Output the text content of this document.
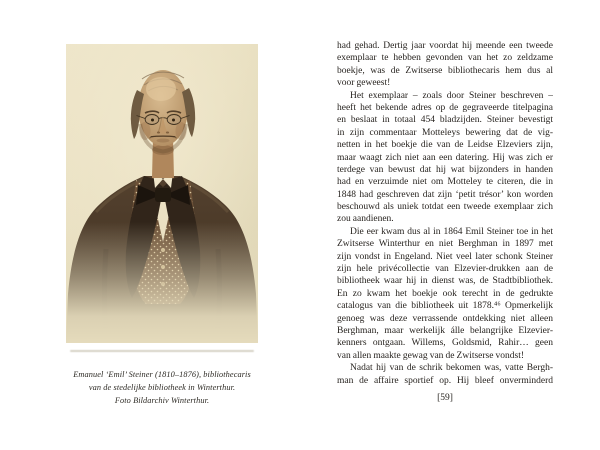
Emanuel ‘Emil’ Steiner (1810–1876), bibliothecaris
van de stedelijke bibliotheek in Winterthur.
Foto Bildarchiv Winterthur.
had gehad. Dertig jaar voordat hij meende een tweede
exemplaar te hebben gevonden van het zo zeldzame
boekje, was de Zwitserse bibliothecaris hem dus al
voor geweest!
Het exemplaar – zoals door Steiner beschreven –
heeft het bekende adres op de gegraveerde titelpagina
en beslaat in totaal 454 bladzijden. Steiner bevestigt
in zijn commentaar Motteleys bewering dat de vig-
netten in het boekje die van de Leidse Elzeviers zijn,
maar waagt zich niet aan een datering. Hij was zich er
terdege van bewust dat hij wat bijzonders in handen
had en verzuimde niet om Motteley te citeren, die in
1848 had geschreven dat zijn ‘petit trésor’ kon worden
beschouwd als uniek totdat een tweede exemplaar zich
zou aandienen.
Die eer kwam dus al in 1864 Emil Steiner toe in het
Zwitserse Winterthur en niet Berghman in 1897 met
zijn vondst in Engeland. Niet veel later schonk Steiner
zijn hele privécollectie van Elzevier-drukken aan de
bibliotheek waar hij in dienst was, de Stadtbibliothek.
En zo kwam het boekje ook terecht in de gedrukte
catalogus van die bibliotheek uit 1878.⁴⁶ Opmerkelijk
genoeg was deze verrassende ontdekking niet alleen
Berghman, maar werkelijk álle belangrijke Elzevier-
kenners ontgaan. Willems, Goldsmid, Rahir… geen
van allen maakte gewag van de Zwitserse vondst!
Nadat hij van de schrik bekomen was, vatte Bergh-
man de affaire sportief op. Hij bleef onverminderd
[59]
